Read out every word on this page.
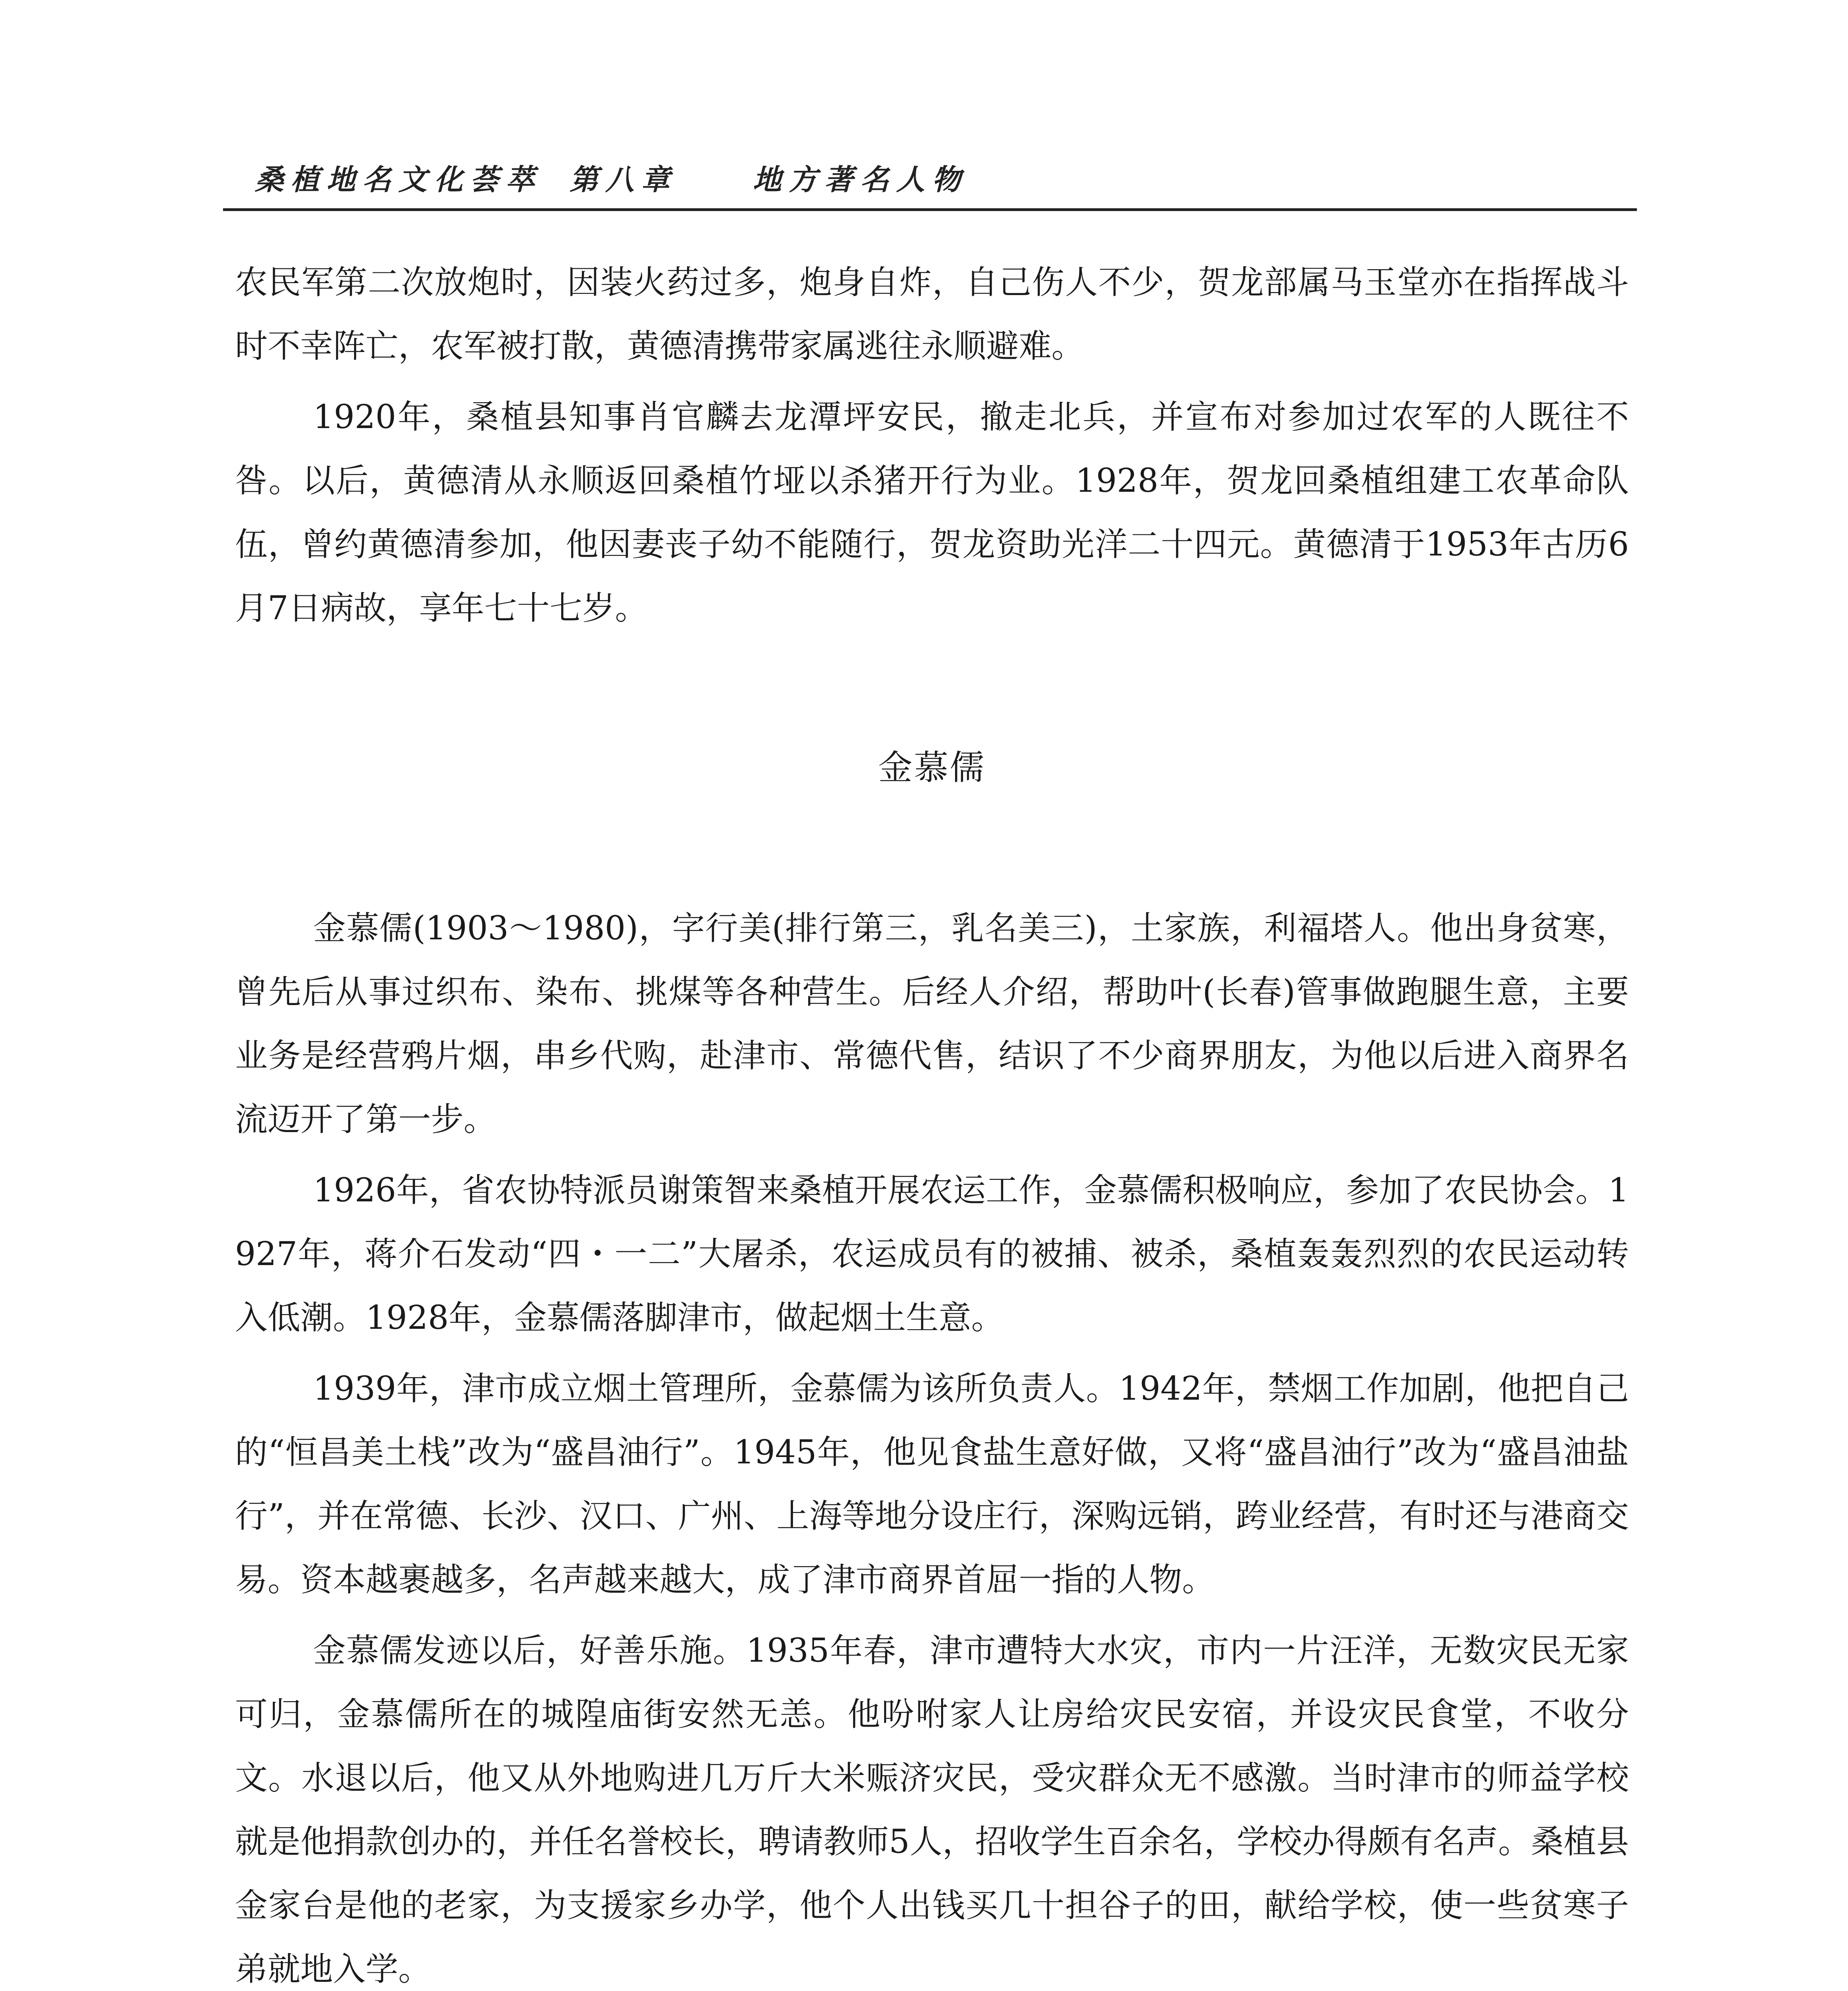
桑植地名文化荟萃 第八章	地方著名人物

农民军第二次放炮时，因装火药过多，炮身自炸，自己伤人不少，贺龙部属马玉堂亦在指挥战斗时不幸阵亡，农军被打散，黄德清携带家属逃往永顺避难。

1920年，桑植县知事肖官麟去龙潭坪安民，撤走北兵，并宣布对参加过农军的人既往不咎。以后，黄德清从永顺返回桑植竹垭以杀猪开行为业。1928年，贺龙回桑植组建工农革命队伍，曾约黄德清参加，他因妻丧子幼不能随行，贺龙资助光洋二十四元。黄德清于1953年古历6月7日病故，享年七十七岁。

金慕儒

金慕儒(1903～1980)，字行美(排行第三，乳名美三)，土家族，利福塔人。他出身贫寒，曾先后从事过织布、染布、挑煤等各种营生。后经人介绍，帮助叶(长春)管事做跑腿生意，主要业务是经营鸦片烟，串乡代购，赴津市、常德代售，结识了不少商界朋友，为他以后进入商界名流迈开了第一步。

1926年，省农协特派员谢策智来桑植开展农运工作，金慕儒积极响应，参加了农民协会。1927年，蒋介石发动“四・一二”大屠杀，农运成员有的被捕、被杀，桑植轰轰烈烈的农民运动转入低潮。1928年，金慕儒落脚津市，做起烟土生意。

1939年，津市成立烟土管理所，金慕儒为该所负责人。1942年，禁烟工作加剧，他把自己的“恒昌美土栈”改为“盛昌油行”。1945年，他见食盐生意好做，又将“盛昌油行”改为“盛昌油盐行”，并在常德、长沙、汉口、广州、上海等地分设庄行，深购远销，跨业经营，有时还与港商交易。资本越裹越多，名声越来越大，成了津市商界首屈一指的人物。

金慕儒发迹以后，好善乐施。1935年春，津市遭特大水灾，市内一片汪洋，无数灾民无家可归，金慕儒所在的城隍庙街安然无恙。他吩咐家人让房给灾民安宿，并设灾民食堂，不收分文。水退以后，他又从外地购进几万斤大米赈济灾民，受灾群众无不感激。当时津市的师益学校就是他捐款创办的，并任名誉校长，聘请教师5人，招收学生百余名，学校办得颇有名声。桑植县金家台是他的老家，为支援家乡办学，他个人出钱买几十担谷子的田，献给学校，使一些贫寒子弟就地入学。
